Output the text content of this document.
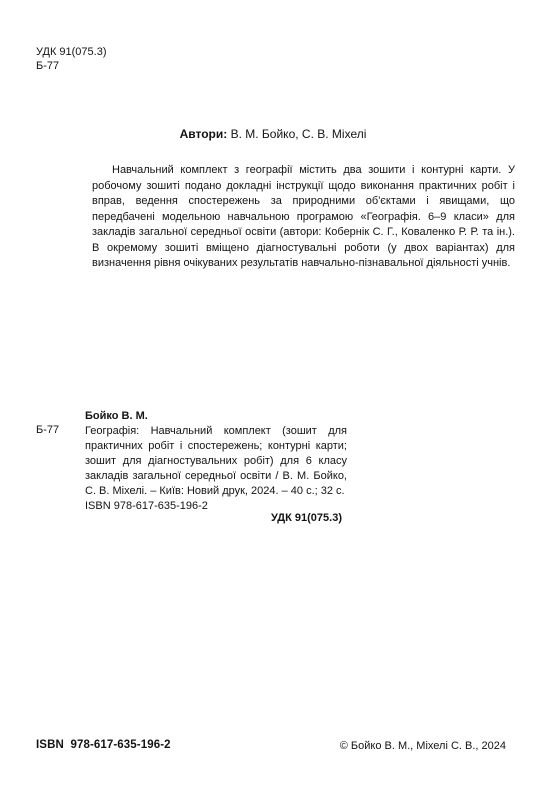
УДК 91(075.3)
Б-77
Автори: В. М. Бойко, С. В. Міхелі

Навчальний комплект з географії містить два зошити і контурні карти. У робочому зошиті подано докладні інструкції щодо виконання практичних робіт і вправ, ведення спостережень за природними об'єктами і явищами, що передбачені модельною навчальною програмою «Географія. 6–9 класи» для закладів загальної середньої освіти (автори: Кобернік С. Г., Коваленко Р. Р. та ін.). В окремому зошиті вміщено діагностувальні роботи (у двох варіантах) для визначення рівня очікуваних результатів навчально-пізнавальної діяльності учнів.

Б-77
Бойко В. М.
Географія: Навчальний комплект (зошит для практичних робіт і спостережень; контурні карти; зошит для діагностувальних робіт) для 6 класу закладів загальної середньої освіти / В. М. Бойко, С. В. Міхелі. – Київ: Новий друк, 2024. – 40 с.; 32 с.
ISBN 978-617-635-196-2
УДК 91(075.3)
ISBN  978-617-635-196-2	© Бойко В. М., Міхелі С. В., 2024
